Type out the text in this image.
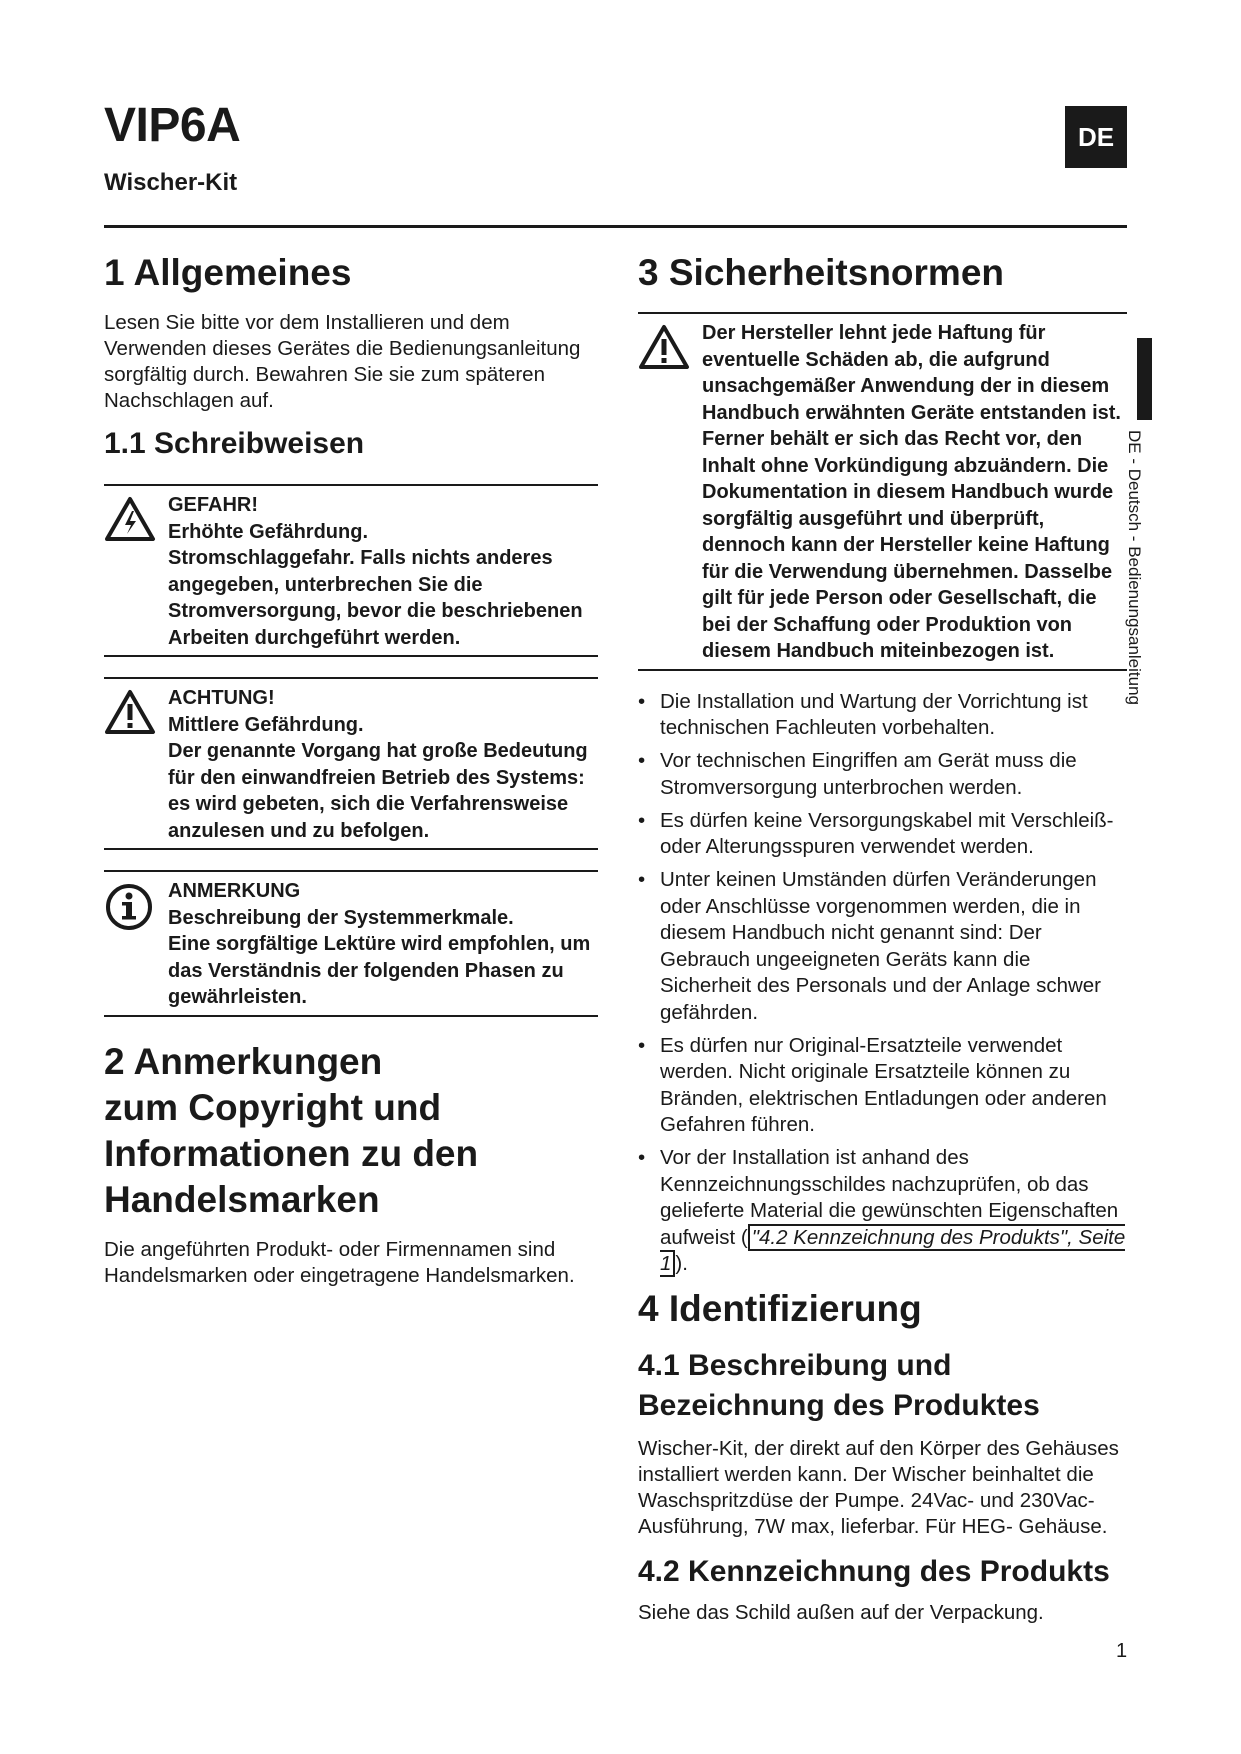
VIP6A
Wischer-Kit
DE
DE - Deutsch - Bedienungsanleitung
1 Allgemeines

Lesen Sie bitte vor dem Installieren und dem Verwenden dieses Gerätes die Bedienungsanleitung sorgfältig durch. Bewahren Sie sie zum späteren Nachschlagen auf.

1.1 Schreibweisen
GEFAHR!
Erhöhte Gefährdung.
Stromschlaggefahr. Falls nichts anderes angegeben, unterbrechen Sie die Stromversorgung, bevor die beschriebenen Arbeiten durchgeführt werden.
ACHTUNG!
Mittlere Gefährdung.
Der genannte Vorgang hat große Bedeutung für den einwandfreien Betrieb des Systems: es wird gebeten, sich die Verfahrensweise anzulesen und zu befolgen.
ANMERKUNG
Beschreibung der Systemmerkmale.
Eine sorgfältige Lektüre wird empfohlen, um das Verständnis der folgenden Phasen zu gewährleisten.
2 Anmerkungen
zum Copyright und
Informationen zu den
Handelsmarken

Die angeführten Produkt- oder Firmennamen sind Handelsmarken oder eingetragene Handelsmarken.

3 Sicherheitsnormen
Der Hersteller lehnt jede Haftung für eventuelle Schäden ab, die aufgrund unsachgemäßer Anwendung der in diesem Handbuch erwähnten Geräte entstanden ist. Ferner behält er sich das Recht vor, den Inhalt ohne Vorkündigung abzuändern. Die Dokumentation in diesem Handbuch wurde sorgfältig ausgeführt und überprüft, dennoch kann der Hersteller keine Haftung für die Verwendung übernehmen. Dasselbe gilt für jede Person oder Gesellschaft, die bei der Schaffung oder Produktion von diesem Handbuch miteinbezogen ist.
• Die Installation und Wartung der Vorrichtung ist technischen Fachleuten vorbehalten.
• Vor technischen Eingriffen am Gerät muss die Stromversorgung unterbrochen werden.
• Es dürfen keine Versorgungskabel mit Verschleiß- oder Alterungsspuren verwendet werden.
• Unter keinen Umständen dürfen Veränderungen oder Anschlüsse vorgenommen werden, die in diesem Handbuch nicht genannt sind: Der Gebrauch ungeeigneten Geräts kann die Sicherheit des Personals und der Anlage schwer gefährden.
• Es dürfen nur Original-Ersatzteile verwendet werden. Nicht originale Ersatzteile können zu Bränden, elektrischen Entladungen oder anderen Gefahren führen.
• Vor der Installation ist anhand des Kennzeichnungsschildes nachzuprüfen, ob das gelieferte Material die gewünschten Eigenschaften aufweist ( "4.2 Kennzeichnung des Produkts", Seite 1 ).
4 Identifizierung
4.1 Beschreibung und
Bezeichnung des Produktes

Wischer-Kit, der direkt auf den Körper des Gehäuses installiert werden kann. Der Wischer beinhaltet die Waschspritzdüse der Pumpe. 24Vac- und 230Vac-Ausführung, 7W max, lieferbar. Für HEG- Gehäuse.

4.2 Kennzeichnung des Produkts

Siehe das Schild außen auf der Verpackung.

1
